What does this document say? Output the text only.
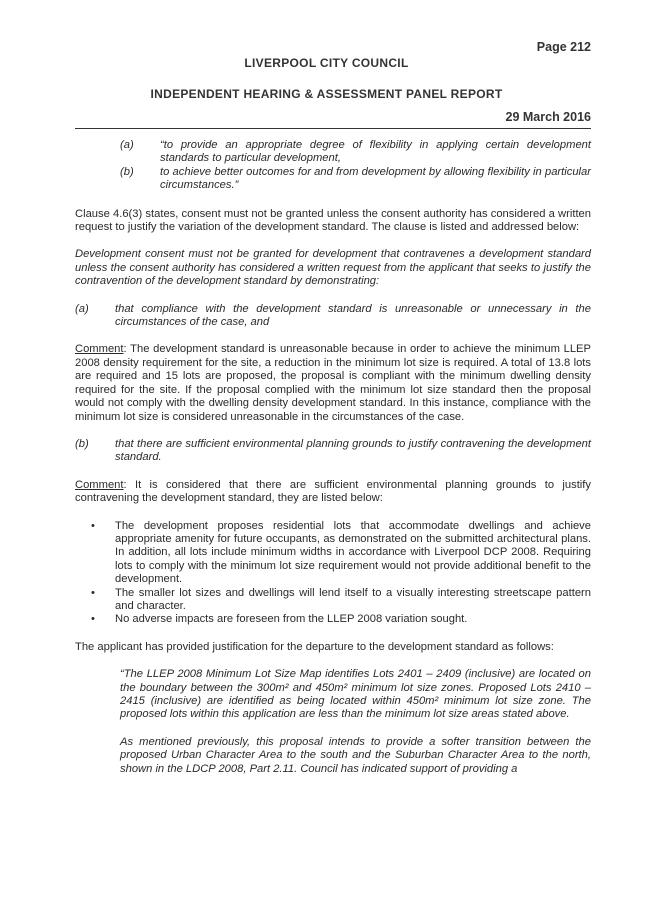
Page 212
LIVERPOOL CITY COUNCIL
INDEPENDENT HEARING & ASSESSMENT PANEL REPORT
29 March 2016
(a)	“to provide an appropriate degree of flexibility in applying certain development standards to particular development,
(b)	to achieve better outcomes for and from development by allowing flexibility in particular circumstances.”

Clause 4.6(3) states, consent must not be granted unless the consent authority has considered a written request to justify the variation of the development standard. The clause is listed and addressed below:

Development consent must not be granted for development that contravenes a development standard unless the consent authority has considered a written request from the applicant that seeks to justify the contravention of the development standard by demonstrating:

(a)	that compliance with the development standard is unreasonable or unnecessary in the circumstances of the case, and

Comment: The development standard is unreasonable because in order to achieve the minimum LLEP 2008 density requirement for the site, a reduction in the minimum lot size is required. A total of 13.8 lots are required and 15 lots are proposed, the proposal is compliant with the minimum dwelling density required for the site. If the proposal complied with the minimum lot size standard then the proposal would not comply with the dwelling density development standard. In this instance, compliance with the minimum lot size is considered unreasonable in the circumstances of the case.

(b)	that there are sufficient environmental planning grounds to justify contravening the development standard.

Comment: It is considered that there are sufficient environmental planning grounds to justify contravening the development standard, they are listed below:

•	The development proposes residential lots that accommodate dwellings and achieve appropriate amenity for future occupants, as demonstrated on the submitted architectural plans. In addition, all lots include minimum widths in accordance with Liverpool DCP 2008. Requiring lots to comply with the minimum lot size requirement would not provide additional benefit to the development.
•	The smaller lot sizes and dwellings will lend itself to a visually interesting streetscape pattern and character.
•	No adverse impacts are foreseen from the LLEP 2008 variation sought.

The applicant has provided justification for the departure to the development standard as follows:

“The LLEP 2008 Minimum Lot Size Map identifies Lots 2401 – 2409 (inclusive) are located on the boundary between the 300m² and 450m² minimum lot size zones. Proposed Lots 2410 – 2415 (inclusive) are identified as being located within 450m² minimum lot size zone. The proposed lots within this application are less than the minimum lot size areas stated above.

As mentioned previously, this proposal intends to provide a softer transition between the proposed Urban Character Area to the south and the Suburban Character Area to the north, shown in the LDCP 2008, Part 2.11. Council has indicated support of providing a
